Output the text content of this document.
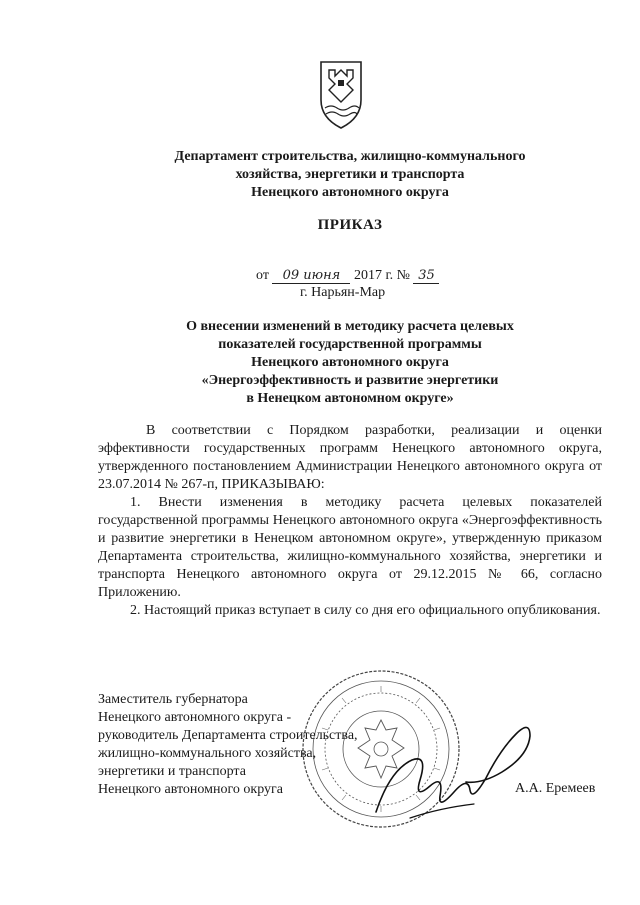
Департамент строительства, жилищно-коммунального
хозяйства, энергетики и транспорта
Ненецкого автономного округа
ПРИКАЗ
от 09 июня 2017 г. № 35
г. Нарьян-Мар
О внесении изменений в методику расчета целевых
показателей государственной программы
Ненецкого автономного округа
«Энергоэффективность и развитие энергетики
в Ненецком автономном округе»

В соответствии с Порядком разработки, реализации и оценки эффективности государственных программ Ненецкого автономного округа, утвержденного постановлением Администрации Ненецкого автономного округа от 23.07.2014 № 267-п, ПРИКАЗЫВАЮ:

1. Внести изменения в методику расчета целевых показателей государственной программы Ненецкого автономного округа «Энергоэффективность и развитие энергетики в Ненецком автономном округе», утвержденную приказом Департамента строительства, жилищно-коммунального хозяйства, энергетики и транспорта Ненецкого автономного округа от 29.12.2015 № 66, согласно Приложению.

2. Настоящий приказ вступает в силу со дня его официального опубликования.

Заместитель губернатора
Ненецкого автономного округа -
руководитель Департамента строительства,
жилищно-коммунального хозяйства,
энергетики и транспорта
Ненецкого автономного округа	А.А. Еремеев
